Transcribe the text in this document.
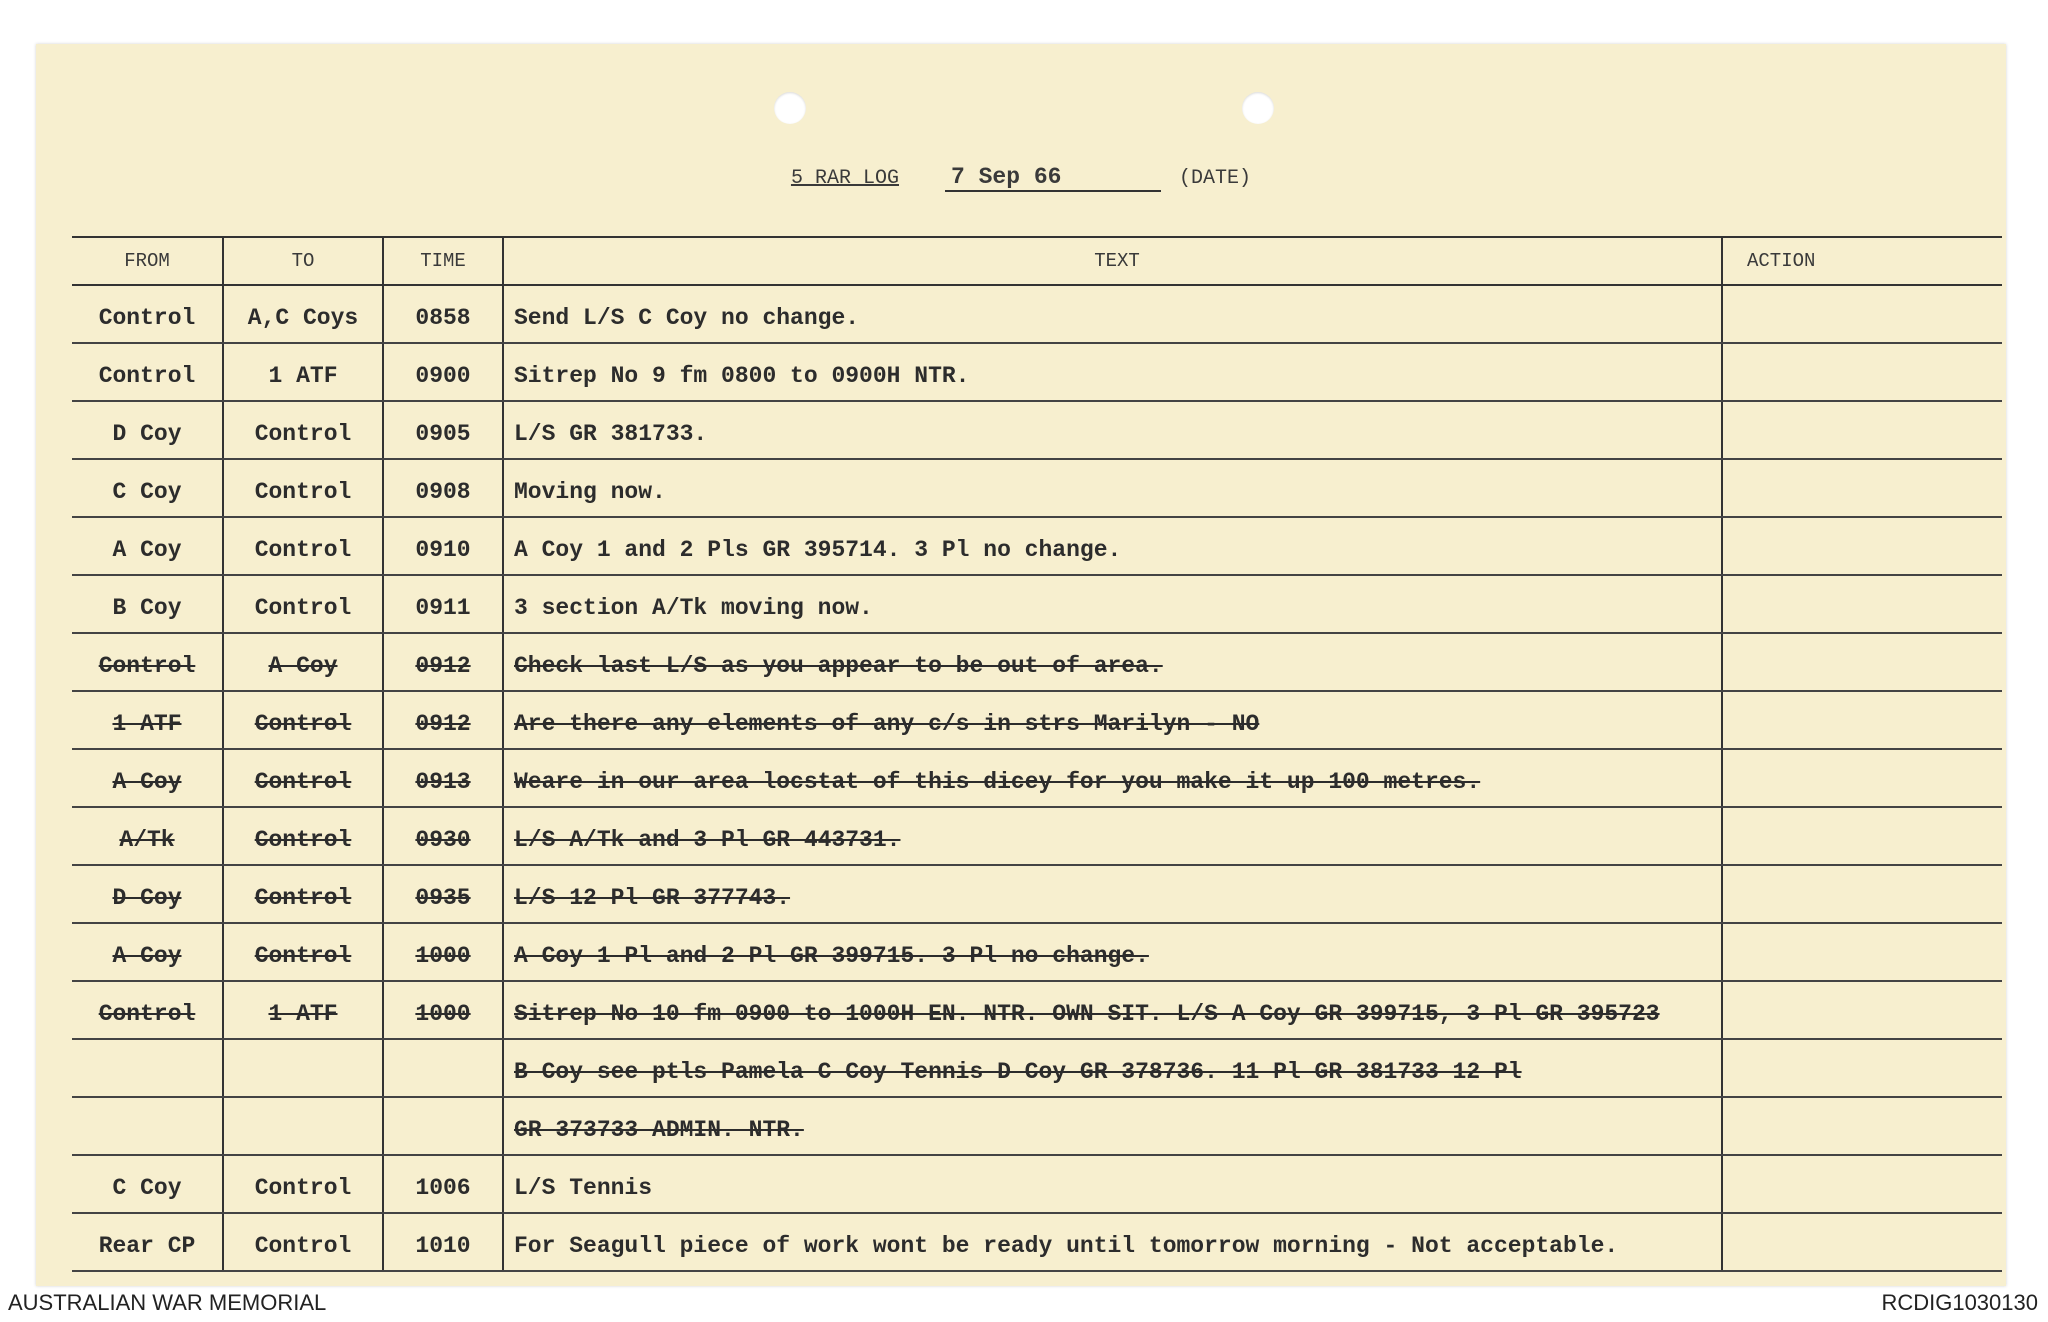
5 RAR LOG 7 Sep 66	(DATE)
FROM	TO	TIME	TEXT	ACTION
Control	A,C Coys	0858	Send L/S C Coy no change.	
Control	1 ATF	0900	Sitrep No 9 fm 0800 to 0900H NTR.	
D Coy	Control	0905	L/S GR 381733.	
C Coy	Control	0908	Moving now.	
A Coy	Control	0910	A Coy 1 and 2 Pls GR 395714. 3 Pl no change.	
B Coy	Control	0911	3 section A/Tk moving now.	
Control	A Coy	0912	Check last L/S as you appear to be out of area.	
1 ATF	Control	0912	Are there any elements of any c/s in strs Marilyn - NO	
A Coy	Control	0913	Weare in our area locstat of this dicey for you make it up 100 metres.	
A/Tk	Control	0930	L/S A/Tk and 3 Pl GR 443731.	
D Coy	Control	0935	L/S 12 Pl GR 377743.	
A Coy	Control	1000	A Coy 1 Pl and 2 Pl GR 399715. 3 Pl no change.	
Control	1 ATF	1000	Sitrep No 10 fm 0900 to 1000H EN. NTR. OWN SIT. L/S A Coy GR 399715, 3 Pl GR 395723	
			B Coy see ptls Pamela C Coy Tennis D Coy GR 378736. 11 Pl GR 381733 12 Pl	
			GR 373733 ADMIN. NTR.	
C Coy	Control	1006	L/S Tennis	
Rear CP	Control	1010	For Seagull piece of work wont be ready until tomorrow morning - Not acceptable.	
AUSTRALIAN WAR MEMORIAL	RCDIG1030130
